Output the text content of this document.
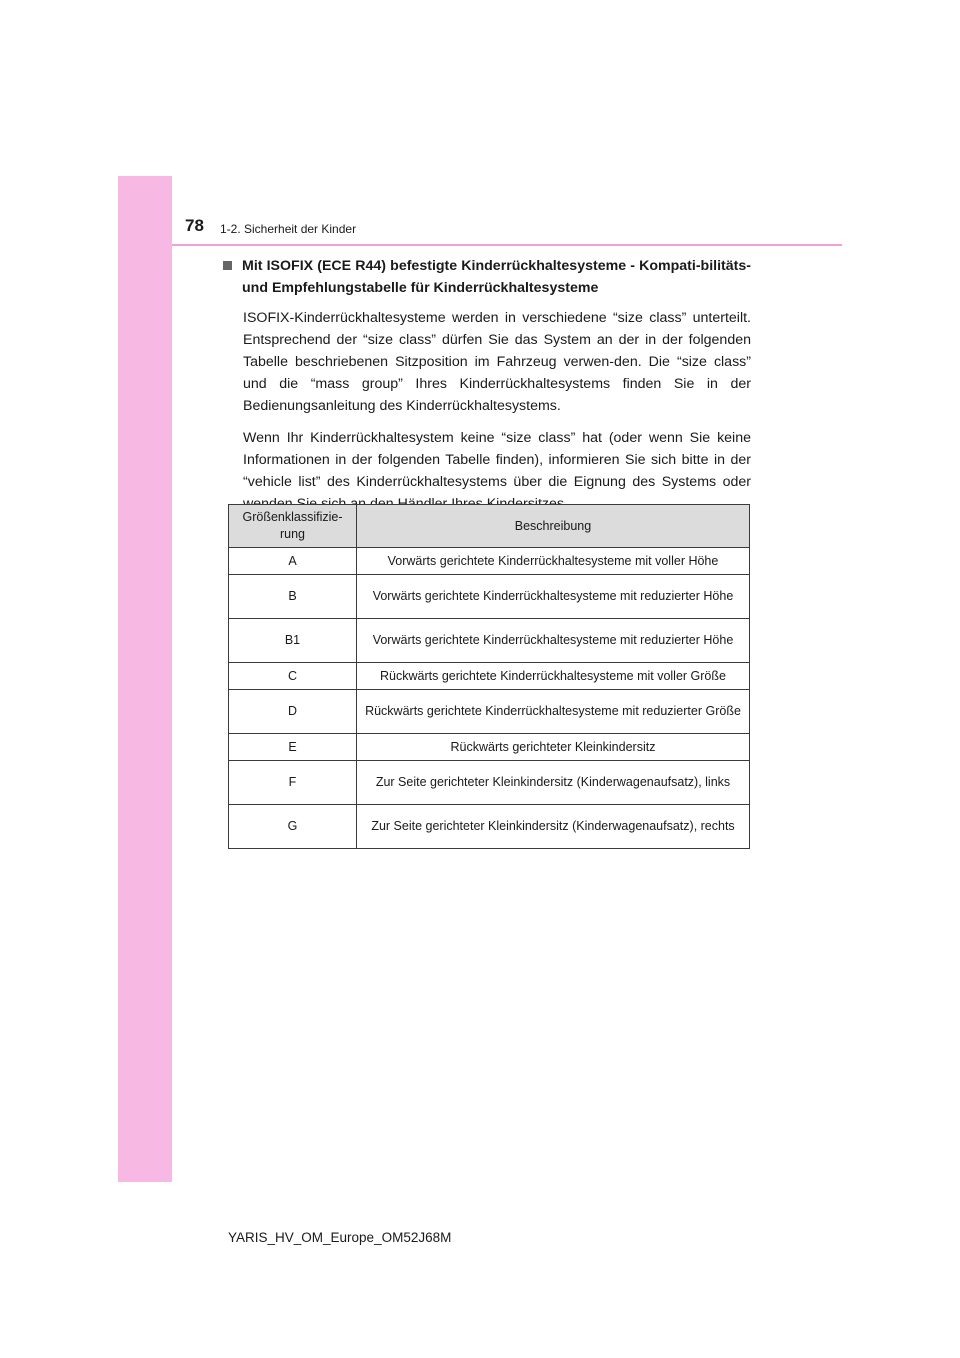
78 1-2. Sicherheit der Kinder
Mit ISOFIX (ECE R44) befestigte Kinderrückhaltesysteme - Kompati-bilitäts- und Empfehlungstabelle für Kinderrückhaltesysteme

ISOFIX-Kinderrückhaltesysteme werden in verschiedene “size class” unterteilt. Entsprechend der “size class” dürfen Sie das System an der in der folgenden Tabelle beschriebenen Sitzposition im Fahrzeug verwen-den. Die “size class” und die “mass group” Ihres Kinderrückhaltesystems finden Sie in der Bedienungsanleitung des Kinderrückhaltesystems.

Wenn Ihr Kinderrückhaltesystem keine “size class” hat (oder wenn Sie keine Informationen in der folgenden Tabelle finden), informieren Sie sich bitte in der “vehicle list” des Kinderrückhaltesystems über die Eignung des Systems oder

Größenklassifizie-rung	Beschreibung
A	Vorwärts gerichtete Kinderrückhaltesysteme mit voller Höhe
B	Vorwärts gerichtete Kinderrückhaltesysteme mit reduzierter Höhe
B1	Vorwärts gerichtete Kinderrückhaltesysteme mit reduzierter Höhe
C	Rückwärts gerichtete Kinderrückhaltesysteme mit voller Größe
D	Rückwärts gerichtete Kinderrückhaltesysteme mit reduzierter Größe
E	Rückwärts gerichteter Kleinkindersitz
F	Zur Seite gerichteter Kleinkindersitz (Kinderwagenaufsatz), links
G	Zur Seite gerichteter Kleinkindersitz (Kinderwagenaufsatz), rechts
YARIS_HV_OM_Europe_OM52J68M
